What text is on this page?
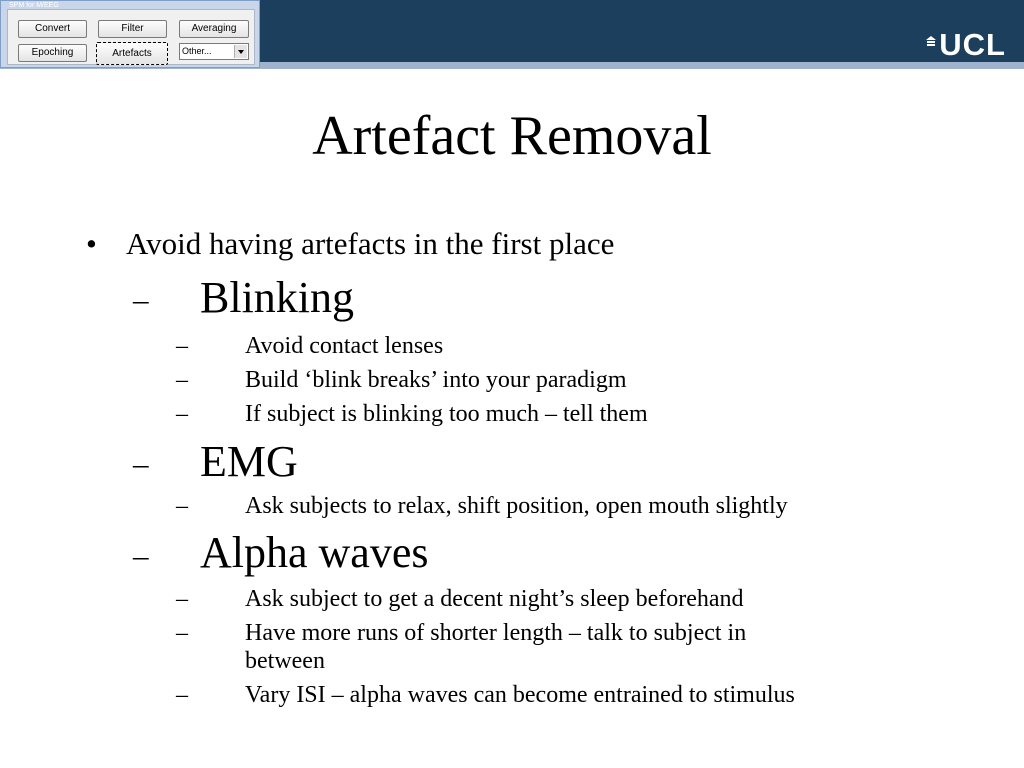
UCL
SPM for M/EEG
Convert	Filter	Averaging
Epoching	Artefacts	Other...
Artefact Removal
• Avoid having artefacts in the first place
– Blinking
– Avoid contact lenses
– Build ‘blink breaks’ into your paradigm
– If subject is blinking too much – tell them
– EMG
– Ask subjects to relax, shift position, open mouth slightly
– Alpha waves
– Ask subject to get a decent night’s sleep beforehand
– Have more runs of shorter length – talk to subject in
between
– Vary ISI – alpha waves can become entrained to stimulus
